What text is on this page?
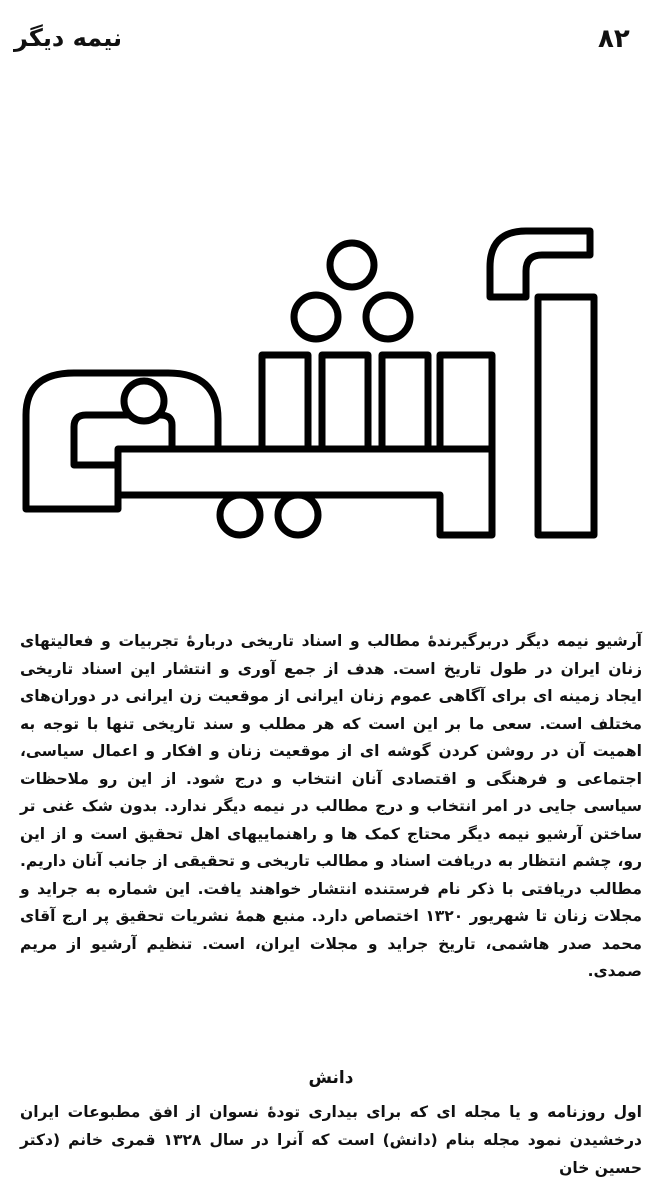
۸۲
نیمه دیگر

آرشیو نیمه دیگر دربرگیرندهٔ مطالب و اسناد تاریخی دربارهٔ تجربیات و فعالیتهای زنان ایران در طول تاریخ است. هدف از جمع آوری و انتشار این اسناد تاریخی ایجاد زمینه ای برای آگاهی عموم زنان ایرانی از موقعیت زن ایرانی در دوران‌های مختلف است. سعی ما بر این است که هر مطلب و سند تاریخی تنها با توجه به اهمیت آن در روشن کردن گوشه ای از موقعیت زنان و افکار و اعمال سیاسی، اجتماعی و فرهنگی و اقتصادی آنان انتخاب و درج شود. از این رو ملاحظات سیاسی جایی در امر انتخاب و درج مطالب در نیمه دیگر ندارد. بدون شک غنی تر ساختن آرشیو نیمه دیگر محتاج کمک ها و راهنماییهای اهل تحقیق است و از این رو، چشم انتظار به دریافت اسناد و مطالب تاریخی و تحقیقی از جانب آنان داریم. مطالب دریافتی با ذکر نام فرستنده انتشار خواهند یافت. این شماره به جراید و مجلات زنان تا شهریور ۱۳۲۰ اختصاص دارد. منبع همهٔ نشریات تحقیق پر ارج آقای محمد صدر هاشمی، تاریخ جراید و مجلات ایران، است. تنظیم آرشیو از مریم صمدی.

دانش

اول روزنامه و یا مجله ای که برای بیداری تودهٔ نسوان از افق مطبوعات ایران درخشیدن نمود مجله بنام (دانش) است که آنرا در سال ۱۳۲۸ قمری خانم (دکتر حسین خان
